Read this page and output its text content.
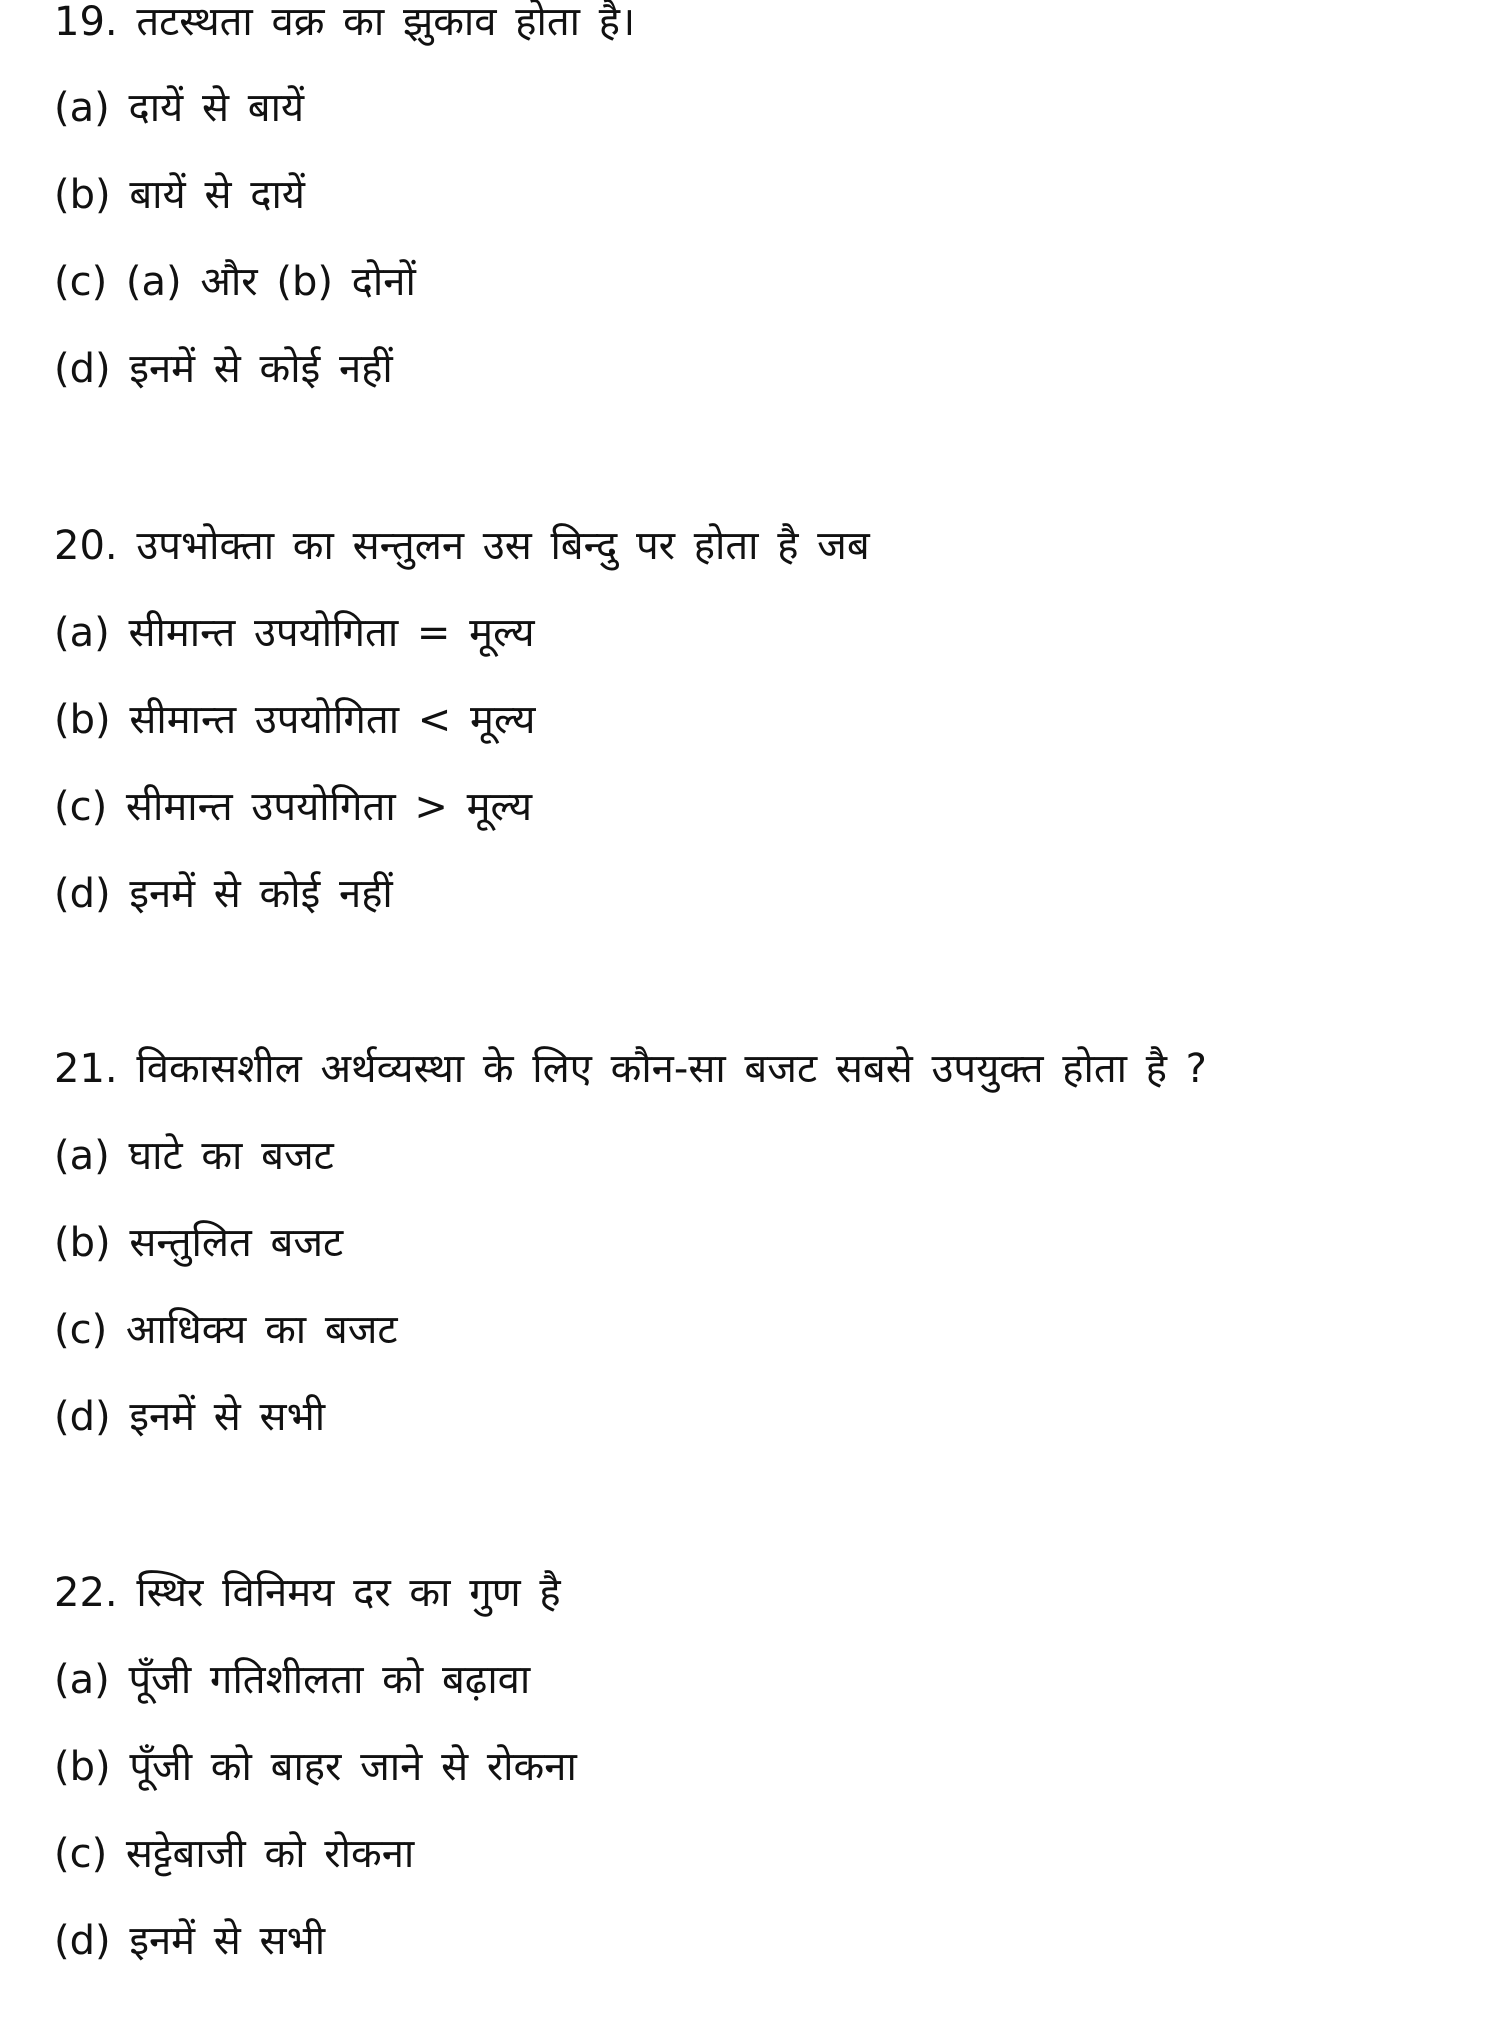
19. तटस्थता वक्र का झुकाव होता है।
(a) दायें से बायें
(b) बायें से दायें
(c) (a) और (b) दोनों
(d) इनमें से कोई नहीं
20. उपभोक्ता का सन्तुलन उस बिन्दु पर होता है जब
(a) सीमान्त उपयोगिता = मूल्य
(b) सीमान्त उपयोगिता < मूल्य
(c) सीमान्त उपयोगिता > मूल्य
(d) इनमें से कोई नहीं
21. विकासशील अर्थव्यस्था के लिए कौन-सा बजट सबसे उपयुक्त होता है ?
(a) घाटे का बजट
(b) सन्तुलित बजट
(c) आधिक्य का बजट
(d) इनमें से सभी
22. स्थिर विनिमय दर का गुण है
(a) पूँजी गतिशीलता को बढ़ावा
(b) पूँजी को बाहर जाने से रोकना
(c) सट्टेबाजी को रोकना
(d) इनमें से सभी
